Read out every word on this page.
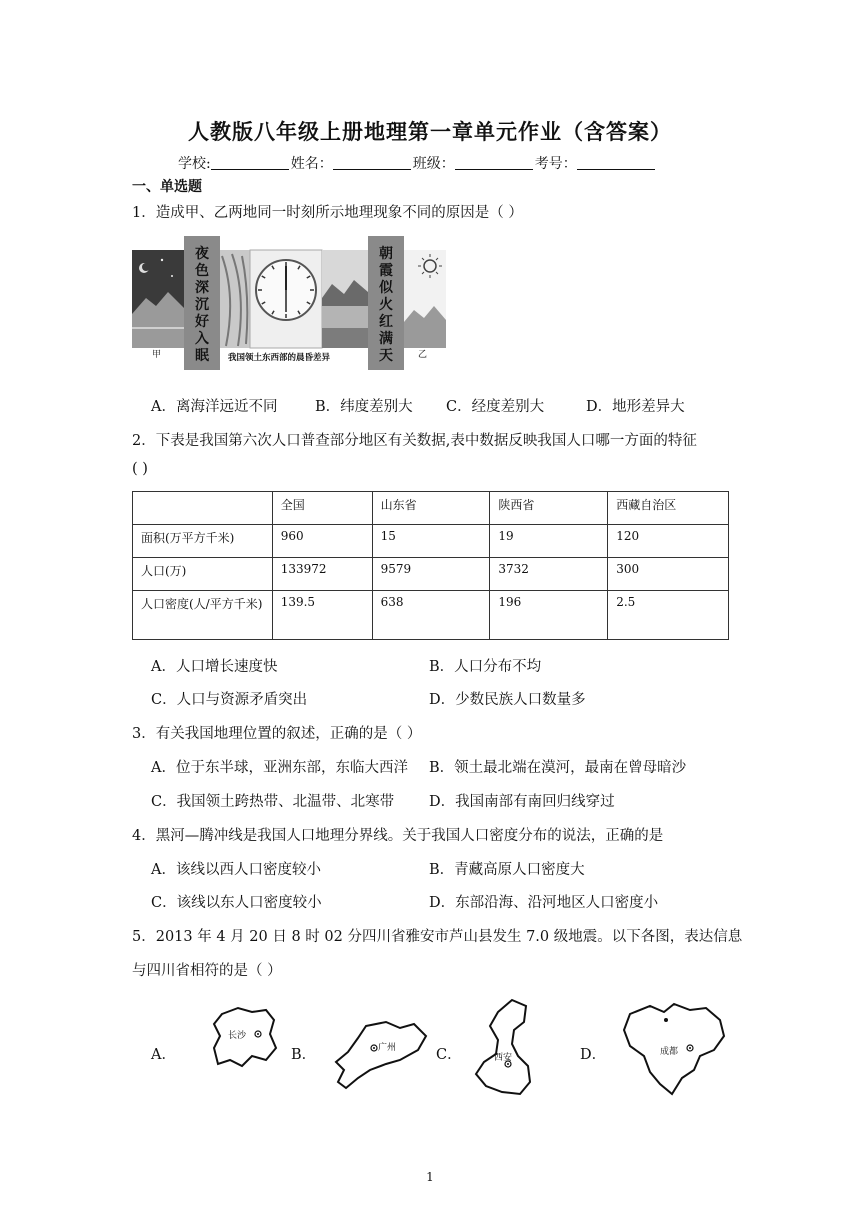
人教版八年级上册地理第一章单元作业（含答案）
学校:	姓名：	班级：	考号：
一、单选题
1．造成甲、乙两地同一时刻所示地理现象不同的原因是（ ）
甲
夜
色
深
沉
好
入
眠
朝
霞
似
火
红
满
天	乙
我国领土东西部的晨昏差异
A．离海洋远近不同	B．纬度差别大 C．经度差别大	D．地形差异大
2．下表是我国第六次人口普查部分地区有关数据,表中数据反映我国人口哪一方面的特征
( )
	全国	山东省	陕西省	西藏自治区
面积(万平方千米)	960	15	19	120
人口(万)	133972	9579	3732	300
人口密度(人/平方千米)	139.5	638	196	2.5
A．人口增长速度快	B．人口分布不均
C．人口与资源矛盾突出	D．少数民族人口数量多
3．有关我国地理位置的叙述，正确的是（ ）
A．位于东半球，亚洲东部，东临大西洋 B．领土最北端在漠河，最南在曾母暗沙
C．我国领土跨热带、北温带、北寒带 D．我国南部有南回归线穿过
4．黑河—腾冲线是我国人口地理分界线。关于我国人口密度分布的说法，正确的是
A．该线以西人口密度较小	B．青藏高原人口密度大
C．该线以东人口密度较小	D．东部沿海、沿河地区人口密度小
5．2013 年 4 月 20 日 8 时 02 分四川省雅安市芦山县发生 7.0 级地震。以下各图，表达信息
与四川省相符的是（ ）
A．
长沙
B．	广州	C．	西安	D．	成都
1
